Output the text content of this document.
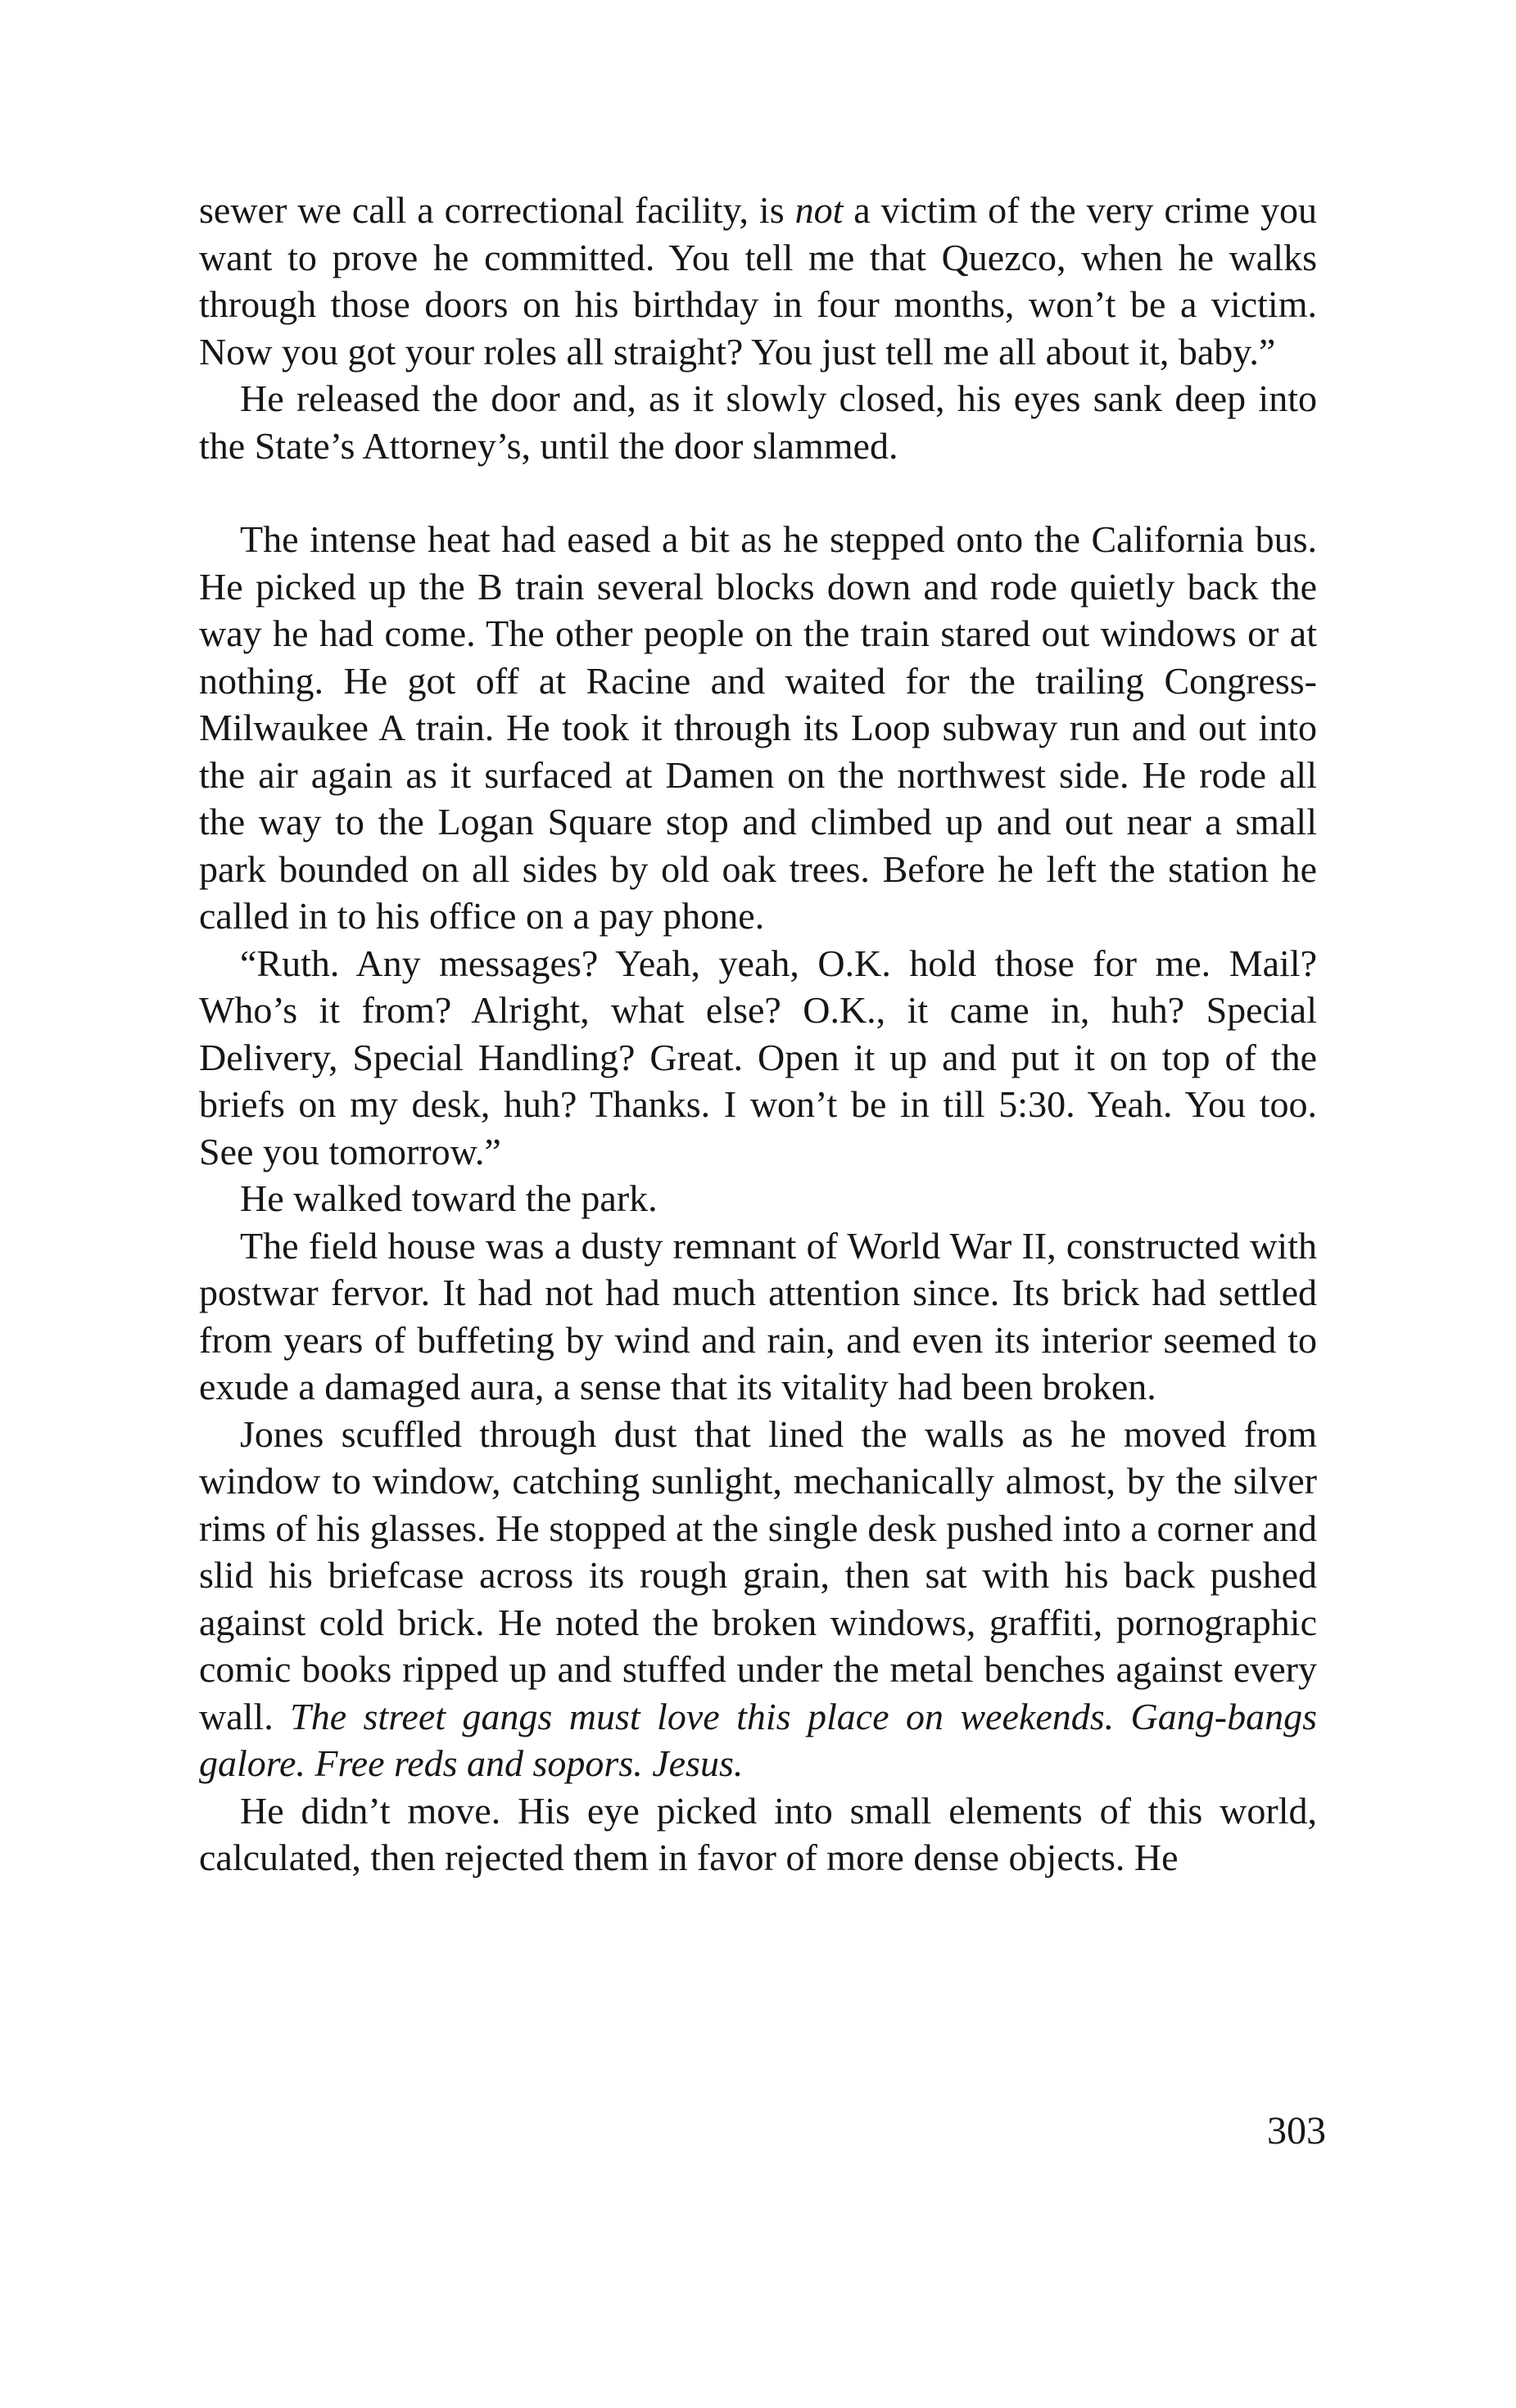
sewer we call a correctional facility, is not a victim of the very crime you want to prove he committed. You tell me that Quezco, when he walks through those doors on his birthday in four months, won’t be a victim. Now you got your roles all straight? You just tell me all about it, baby.”

He released the door and, as it slowly closed, his eyes sank deep into the State’s Attorney’s, until the door slammed.

The intense heat had eased a bit as he stepped onto the California bus. He picked up the B train several blocks down and rode quietly back the way he had come. The other people on the train stared out windows or at nothing. He got off at Racine and waited for the trailing Congress-Milwaukee A train. He took it through its Loop subway run and out into the air again as it surfaced at Damen on the northwest side. He rode all the way to the Logan Square stop and climbed up and out near a small park bounded on all sides by old oak trees. Before he left the station he called in to his office on a pay phone.

“Ruth. Any messages? Yeah, yeah, O.K. hold those for me. Mail? Who’s it from? Alright, what else? O.K., it came in, huh? Special Delivery, Special Handling? Great. Open it up and put it on top of the briefs on my desk, huh? Thanks. I won’t be in till 5:30. Yeah. You too. See you tomorrow.”

He walked toward the park.

The field house was a dusty remnant of World War II, constructed with postwar fervor. It had not had much attention since. Its brick had settled from years of buffeting by wind and rain, and even its interior seemed to exude a damaged aura, a sense that its vitality had been broken.

Jones scuffled through dust that lined the walls as he moved from window to window, catching sunlight, mechanically almost, by the silver rims of his glasses. He stopped at the single desk pushed into a corner and slid his briefcase across its rough grain, then sat with his back pushed against cold brick. He noted the broken windows, graffiti, pornographic comic books ripped up and stuffed under the metal benches against every wall. The street gangs must love this place on weekends. Gang-bangs galore. Free reds and sopors. Jesus.

He didn’t move. His eye picked into small elements of this world, calculated, then rejected them in favor of more dense objects. He

303
